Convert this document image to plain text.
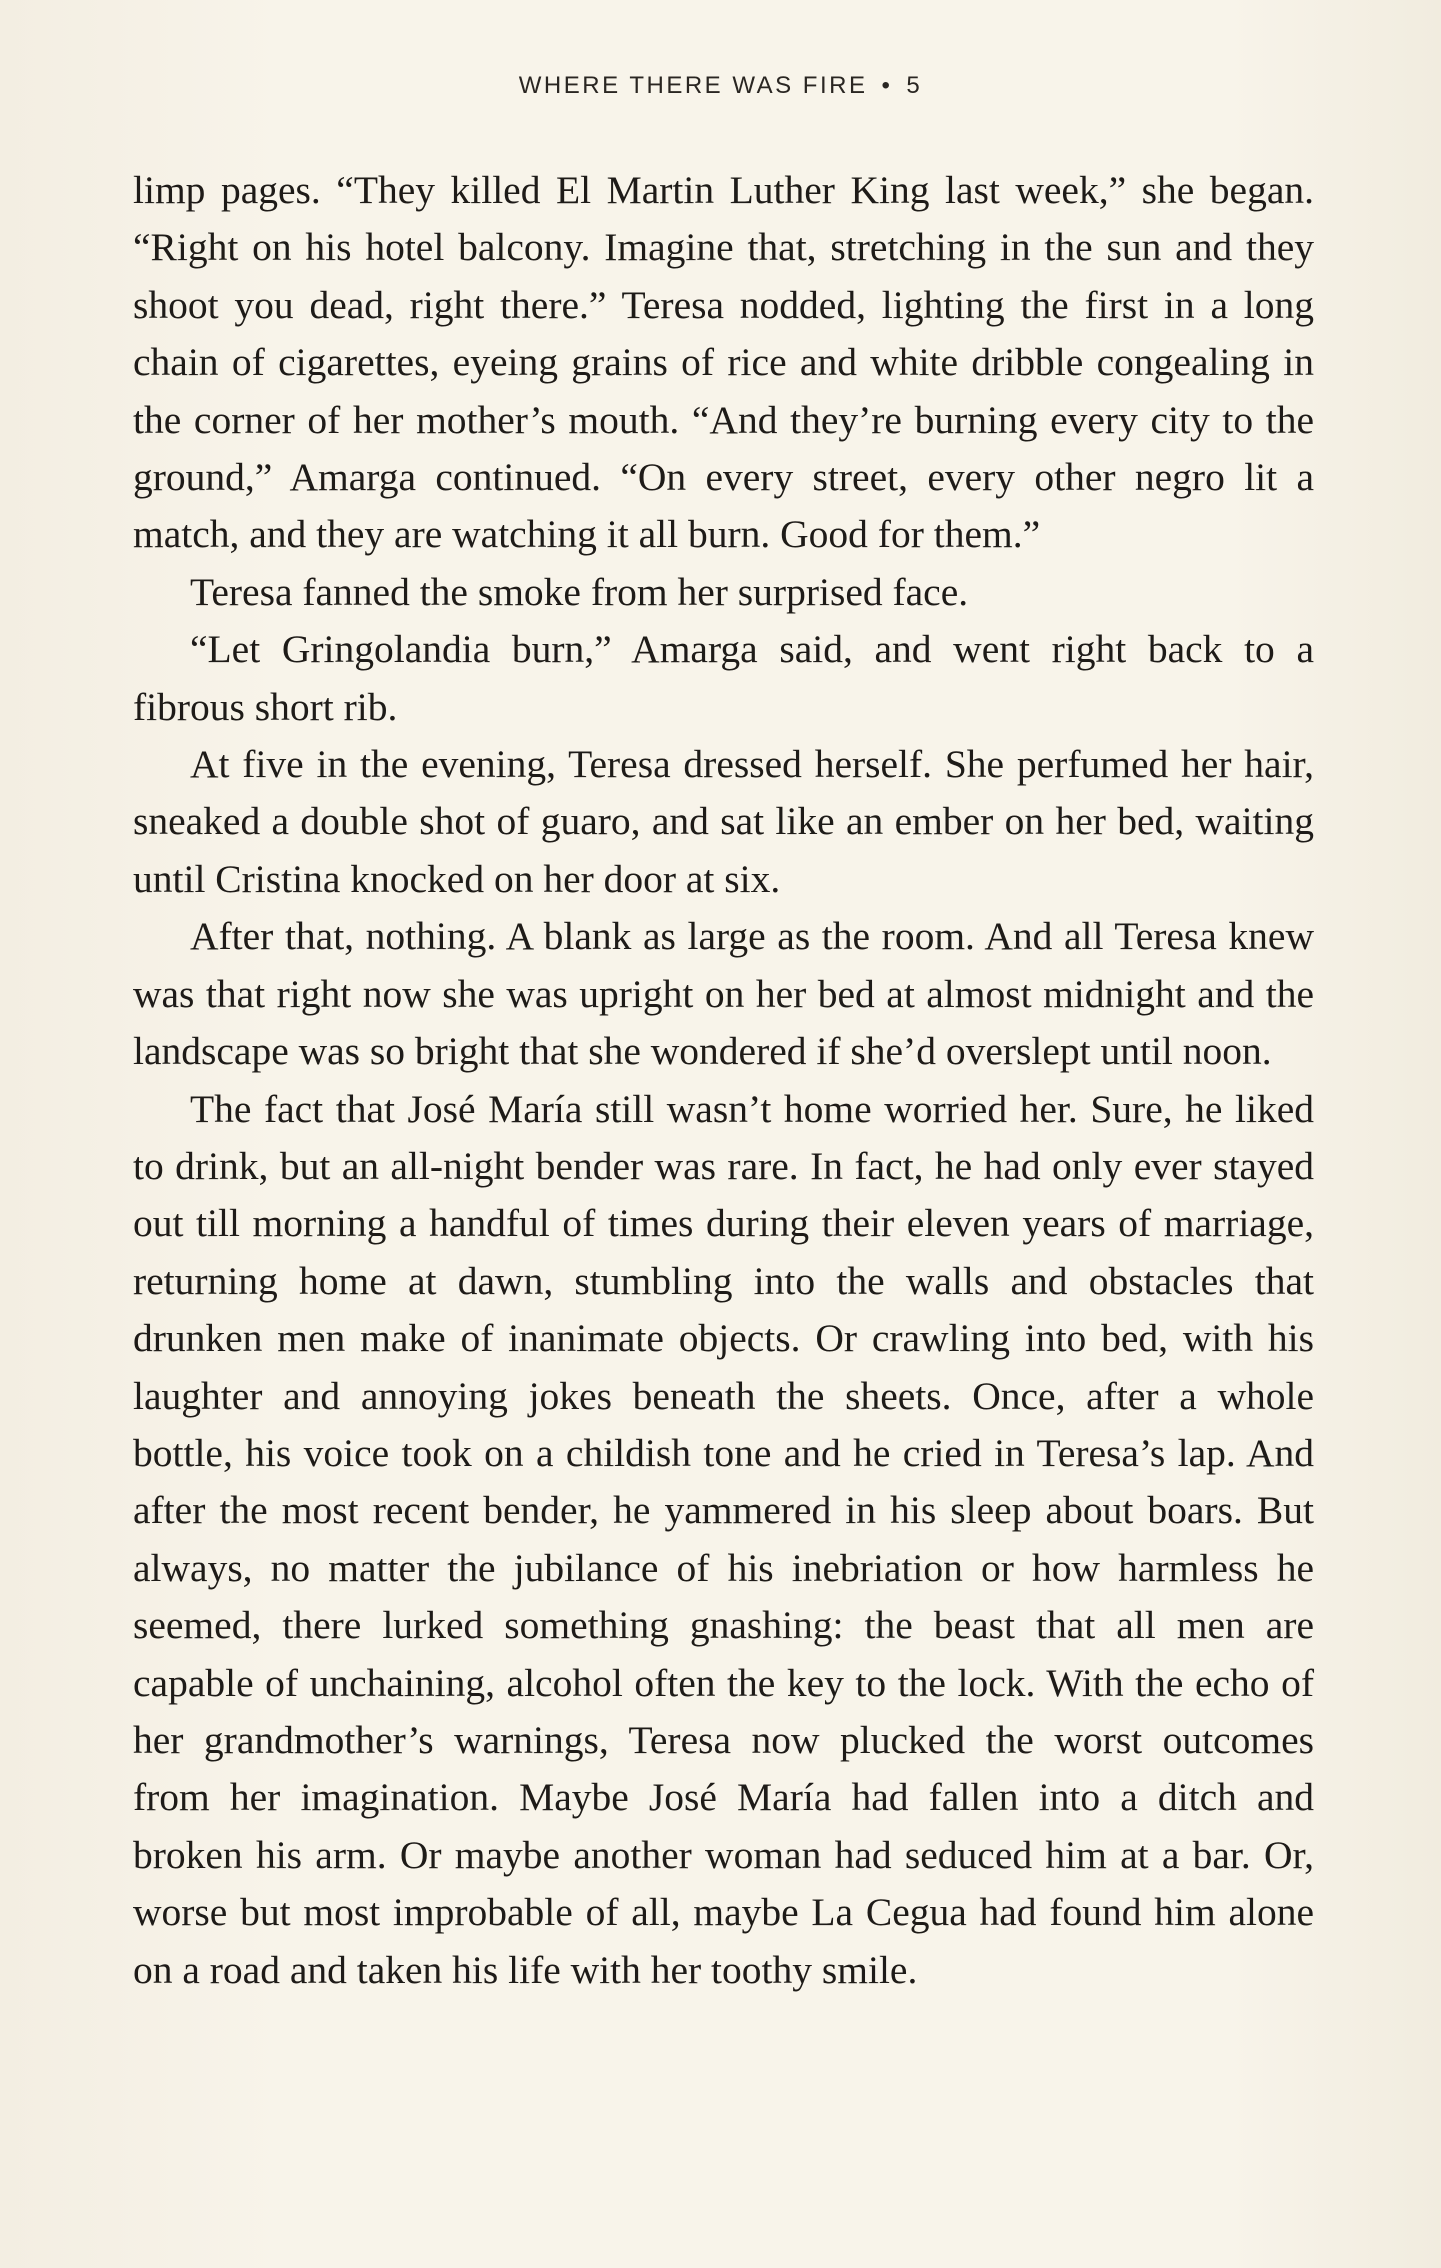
WHERE THERE WAS FIRE • 5

limp pages. “They killed El Martin Luther King last week,” she began. “Right on his hotel balcony. Imagine that, stretching in the sun and they shoot you dead, right there.” Teresa nodded, lighting the first in a long chain of cigarettes, eyeing grains of rice and white dribble congealing in the corner of her mother’s mouth. “And they’re burning every city to the ground,” Amarga continued. “On every street, every other negro lit a match, and they are watching it all burn. Good for them.”

Teresa fanned the smoke from her surprised face.

“Let Gringolandia burn,” Amarga said, and went right back to a fibrous short rib.

At five in the evening, Teresa dressed herself. She perfumed her hair, sneaked a double shot of guaro, and sat like an ember on her bed, waiting until Cristina knocked on her door at six.

After that, nothing. A blank as large as the room. And all Teresa knew was that right now she was upright on her bed at almost midnight and the landscape was so bright that she wondered if she’d overslept until noon.

The fact that José María still wasn’t home worried her. Sure, he liked to drink, but an all-night bender was rare. In fact, he had only ever stayed out till morning a handful of times during their eleven years of marriage, returning home at dawn, stumbling into the walls and obstacles that drunken men make of inanimate objects. Or crawling into bed, with his laughter and annoying jokes beneath the sheets. Once, after a whole bottle, his voice took on a childish tone and he cried in Teresa’s lap. And after the most recent bender, he yammered in his sleep about boars. But always, no matter the jubilance of his inebriation or how harmless he seemed, there lurked something gnashing: the beast that all men are capable of unchaining, alcohol often the key to the lock. With the echo of her grandmother’s warnings, Teresa now plucked the worst outcomes from her imagination. Maybe José María had fallen into a ditch and broken his arm. Or maybe another woman had seduced him at a bar. Or, worse but most improbable of all, maybe La Cegua had found him alone on a road and taken his life with her toothy smile.
